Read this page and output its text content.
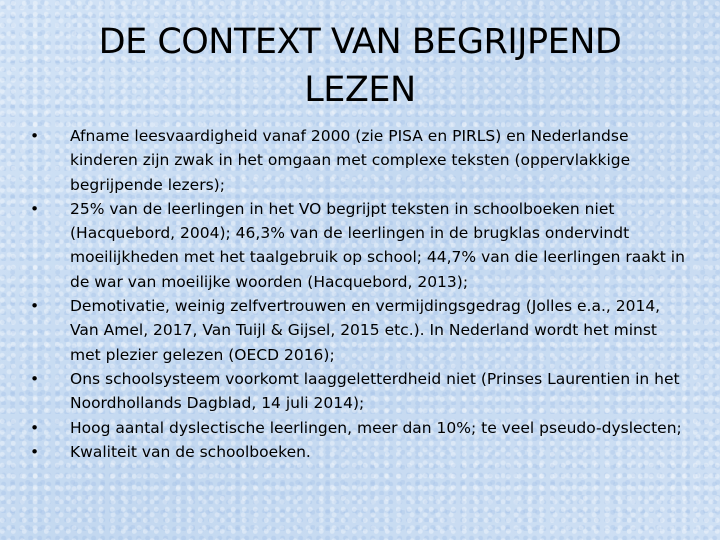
DE CONTEXT VAN BEGRIJPEND LEZEN
•	Afname leesvaardigheid vanaf 2000 (zie PISA en PIRLS) en Nederlandse kinderen zijn zwak in het omgaan met complexe teksten (oppervlakkige begrijpende lezers);
•	25% van de leerlingen in het VO begrijpt teksten in schoolboeken niet (Hacquebord, 2004); 46,3% van de leerlingen in de brugklas ondervindt moeilijkheden met het taalgebruik op school; 44,7% van die leerlingen raakt in de war van moeilijke woorden (Hacquebord, 2013);
•	Demotivatie, weinig zelfvertrouwen en vermijdingsgedrag (Jolles e.a., 2014, Van Amel, 2017, Van Tuijl & Gijsel, 2015 etc.). In Nederland wordt het minst met plezier gelezen (OECD 2016);
•	Ons schoolsysteem voorkomt laaggeletterdheid niet (Prinses Laurentien in het Noordhollands Dagblad, 14 juli 2014);
•	Hoog aantal dyslectische leerlingen, meer dan 10%; te veel pseudo-dyslecten;
•	Kwaliteit van de schoolboeken.
